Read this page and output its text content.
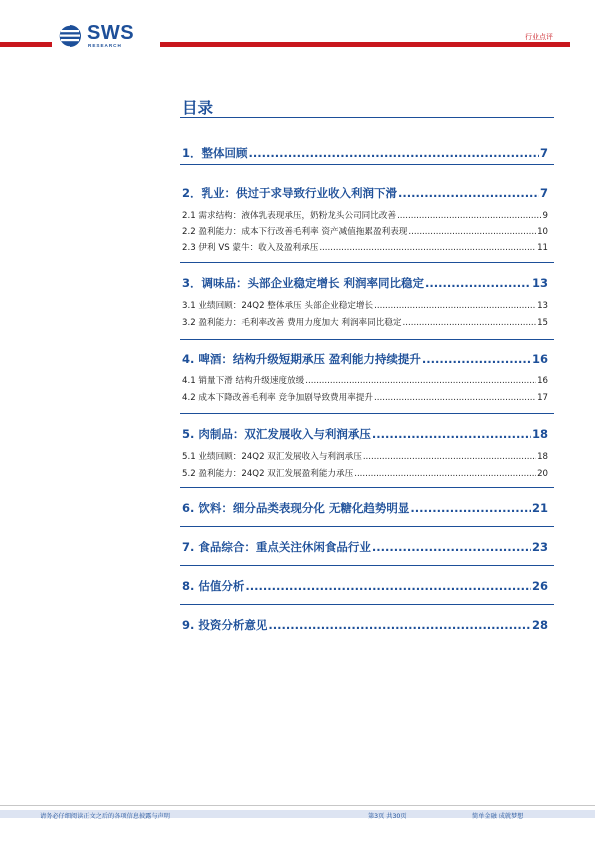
SWS
RESEARCH
行业点评
目录
请务必仔细阅读正文之后的各项信息披露与声明	第3页 共30页	简单金融 成就梦想
1．整体回顾 .....	7
2．乳业：供过于求导致行业收入利润下滑 .....	7
2.1 需求结构：液体乳表现承压，奶粉龙头公司同比改善 .....	9
2.2 盈利能力：成本下行改善毛利率 资产减值拖累盈利表现 .....	10
2.3 伊利 VS 蒙牛：收入及盈利承压 .....	11
3．调味品：头部企业稳定增长 利润率同比稳定 .....	13
3.1 业绩回顾：24Q2 整体承压 头部企业稳定增长 .....	13
3.2 盈利能力：毛利率改善 费用力度加大 利润率同比稳定 .....	15
4. 啤酒：结构升级短期承压 盈利能力持续提升 .....	16
4.1 销量下滑 结构升级速度放缓 .....	16
4.2 成本下降改善毛利率 竞争加剧导致费用率提升 .....	17
5. 肉制品：双汇发展收入与利润承压 .....	18
5.1 业绩回顾：24Q2 双汇发展收入与利润承压 .....	18
5.2 盈利能力：24Q2 双汇发展盈利能力承压 .....	20
6. 饮料：细分品类表现分化 无糖化趋势明显 .....	21
7. 食品综合：重点关注休闲食品行业 .....	23
8. 估值分析 .....	26
9. 投资分析意见 .....	28
